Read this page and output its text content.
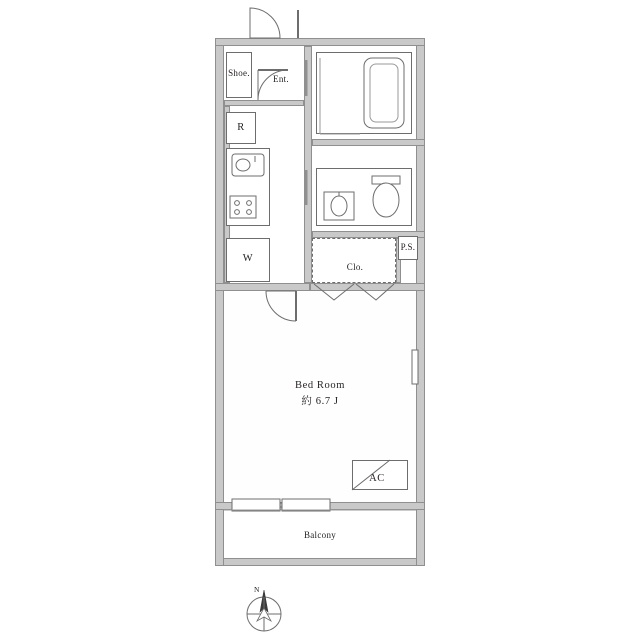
Shoe.
Ent.
R
W
P.S.
Clo.
Bed Room
約 6.7 J
AC
Balcony
N
